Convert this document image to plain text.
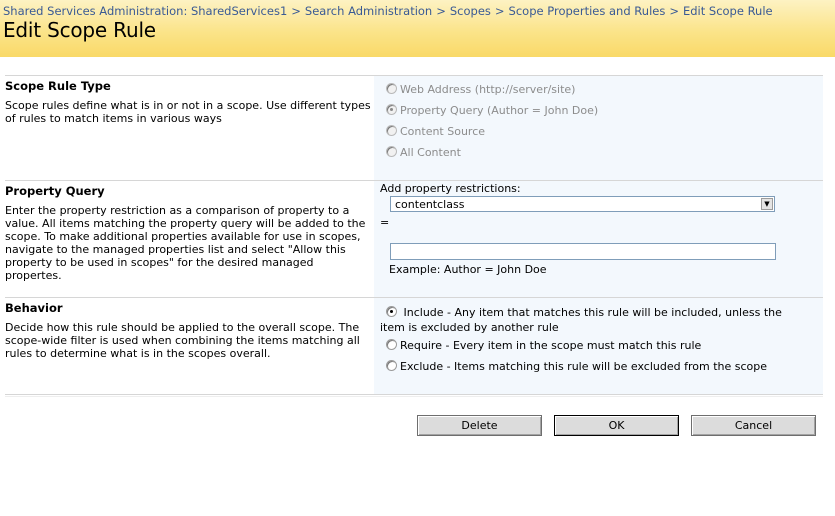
Shared Services Administration: SharedServices1 > Search Administration > Scopes > Scope Properties and Rules > Edit Scope Rule
Edit Scope Rule
Scope Rule Type
Scope rules define what is in or not in a scope. Use different types of rules to match items in various ways
Web Address (http://server/site)
Property Query (Author = John Doe)
Content Source
All Content
Property Query
Enter the property restriction as a comparison of property to a value. All items matching the property query will be added to the scope. To make additional properties available for use in scopes, navigate to the managed properties list and select "Allow this property to be used in scopes" for the desired managed propertes.
Add property restrictions:
=
Example: Author = John Doe
contentclass	▼
Behavior
Decide how this rule should be applied to the overall scope. The scope-wide filter is used when combining the items matching all rules to determine what is in the scopes overall.
Include - Any item that matches this rule will be included, unless the item is excluded by another rule
Require - Every item in the scope must match this rule
Exclude - Items matching this rule will be excluded from the scope
Delete	OK	Cancel
